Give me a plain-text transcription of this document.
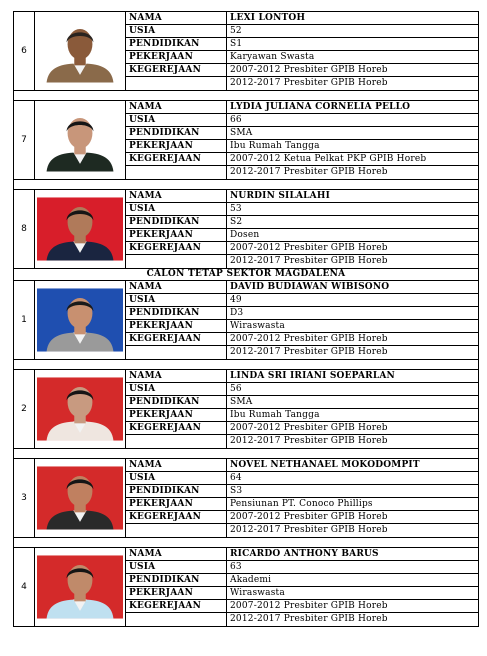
6
NAMA	LEXI LONTOH
USIA	52
PENDIDIKAN	S1
PEKERJAAN	Karyawan Swasta
KEGEREJAAN	2007-2012 Presbiter GPIB Horeb
2012-2017 Presbiter GPIB Horeb
7
NAMA	LYDIA JULIANA CORNELIA PELLO
USIA	66
PENDIDIKAN	SMA
PEKERJAAN	Ibu Rumah Tangga
KEGEREJAAN	2007-2012 Ketua Pelkat PKP GPIB Horeb
2012-2017 Presbiter GPIB Horeb
8
NAMA	NURDIN SILALAHI
USIA	53
PENDIDIKAN	S2
PEKERJAAN	Dosen
KEGEREJAAN	2007-2012 Presbiter GPIB Horeb
2012-2017 Presbiter GPIB Horeb
CALON TETAP SEKTOR MAGDALENA
1
NAMA	DAVID BUDIAWAN WIBISONO
USIA	49
PENDIDIKAN	D3
PEKERJAAN	Wiraswasta
KEGEREJAAN	2007-2012 Presbiter GPIB Horeb
2012-2017 Presbiter GPIB Horeb
2
NAMA	LINDA SRI IRIANI SOEPARLAN
USIA	56
PENDIDIKAN	SMA
PEKERJAAN	Ibu Rumah Tangga
KEGEREJAAN	2007-2012 Presbiter GPIB Horeb
2012-2017 Presbiter GPIB Horeb
3
NAMA	NOVEL NETHANAEL MOKODOMPIT
USIA	64
PENDIDIKAN	S3
PEKERJAAN	Pensiunan PT. Conoco Phillips
KEGEREJAAN	2007-2012 Presbiter GPIB Horeb
2012-2017 Presbiter GPIB Horeb
4
NAMA	RICARDO ANTHONY BARUS
USIA	63
PENDIDIKAN	Akademi
PEKERJAAN	Wiraswasta
KEGEREJAAN	2007-2012 Presbiter GPIB Horeb
2012-2017 Presbiter GPIB Horeb
